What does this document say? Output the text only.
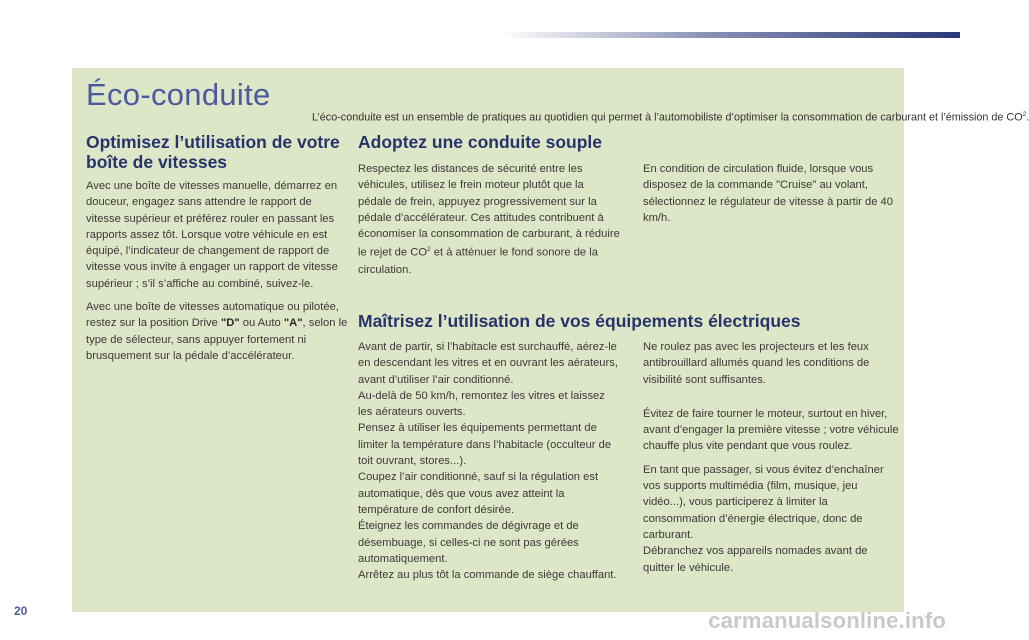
Éco-conduite

L’éco-conduite est un ensemble de pratiques au quotidien qui permet à l’automobiliste d’optimiser la consommation de carburant et l’émission de $CO^2$.

Optimisez l’utilisation de votre boîte de vitesses

Avec une boîte de vitesses manuelle, démarrez en douceur, engagez sans attendre le rapport de vitesse supérieur et préférez rouler en passant les rapports assez tôt. Lorsque votre véhicule en est équipé, l’indicateur de changement de rapport de vitesse vous invite à engager un rapport de vitesse supérieur ; s’il s’affiche au combiné, suivez-le.

Avec une boîte de vitesses automatique ou pilotée, restez sur la position Drive "D" ou Auto "A", selon le type de sélecteur, sans appuyer fortement ni brusquement sur la pédale d’accélérateur.

Adoptez une conduite souple

Respectez les distances de sécurité entre les véhicules, utilisez le frein moteur plutôt que la pédale de frein, appuyez progressivement sur la pédale d’accélérateur. Ces attitudes contribuent à économiser la consommation de carburant, à réduire le rejet de $CO^2$ et à atténuer le fond sonore de la circulation.

En condition de circulation fluide, lorsque vous disposez de la commande "Cruise" au volant, sélectionnez le régulateur de vitesse à partir de 40 km/h.

Maîtrisez l’utilisation de vos équipements électriques
Avant de partir, si l’habitacle est surchauffé, aérez-le en descendant les vitres et en ouvrant les aérateurs, avant d’utiliser l’air conditionné.
Au-delà de 50 km/h, remontez les vitres et laissez les aérateurs ouverts.
Pensez à utiliser les équipements permettant de limiter la température dans l’habitacle (occulteur de toit ouvrant, stores...).
Coupez l’air conditionné, sauf si la régulation est automatique, dès que vous avez atteint la température de confort désirée.
Éteignez les commandes de dégivrage et de désembuage, si celles-ci ne sont pas gérées automatiquement.
Arrêtez au plus tôt la commande de siège chauffant.

Ne roulez pas avec les projecteurs et les feux antibrouillard allumés quand les conditions de visibilité sont suffisantes.

Évitez de faire tourner le moteur, surtout en hiver, avant d’engager la première vitesse ; votre véhicule chauffe plus vite pendant que vous roulez.

En tant que passager, si vous évitez d’enchaîner vos supports multimédia (film, musique, jeu vidéo...), vous participerez à limiter la consommation d’énergie électrique, donc de carburant.
Débranchez vos appareils nomades avant de quitter le véhicule.

20	carmanualsonline.info
